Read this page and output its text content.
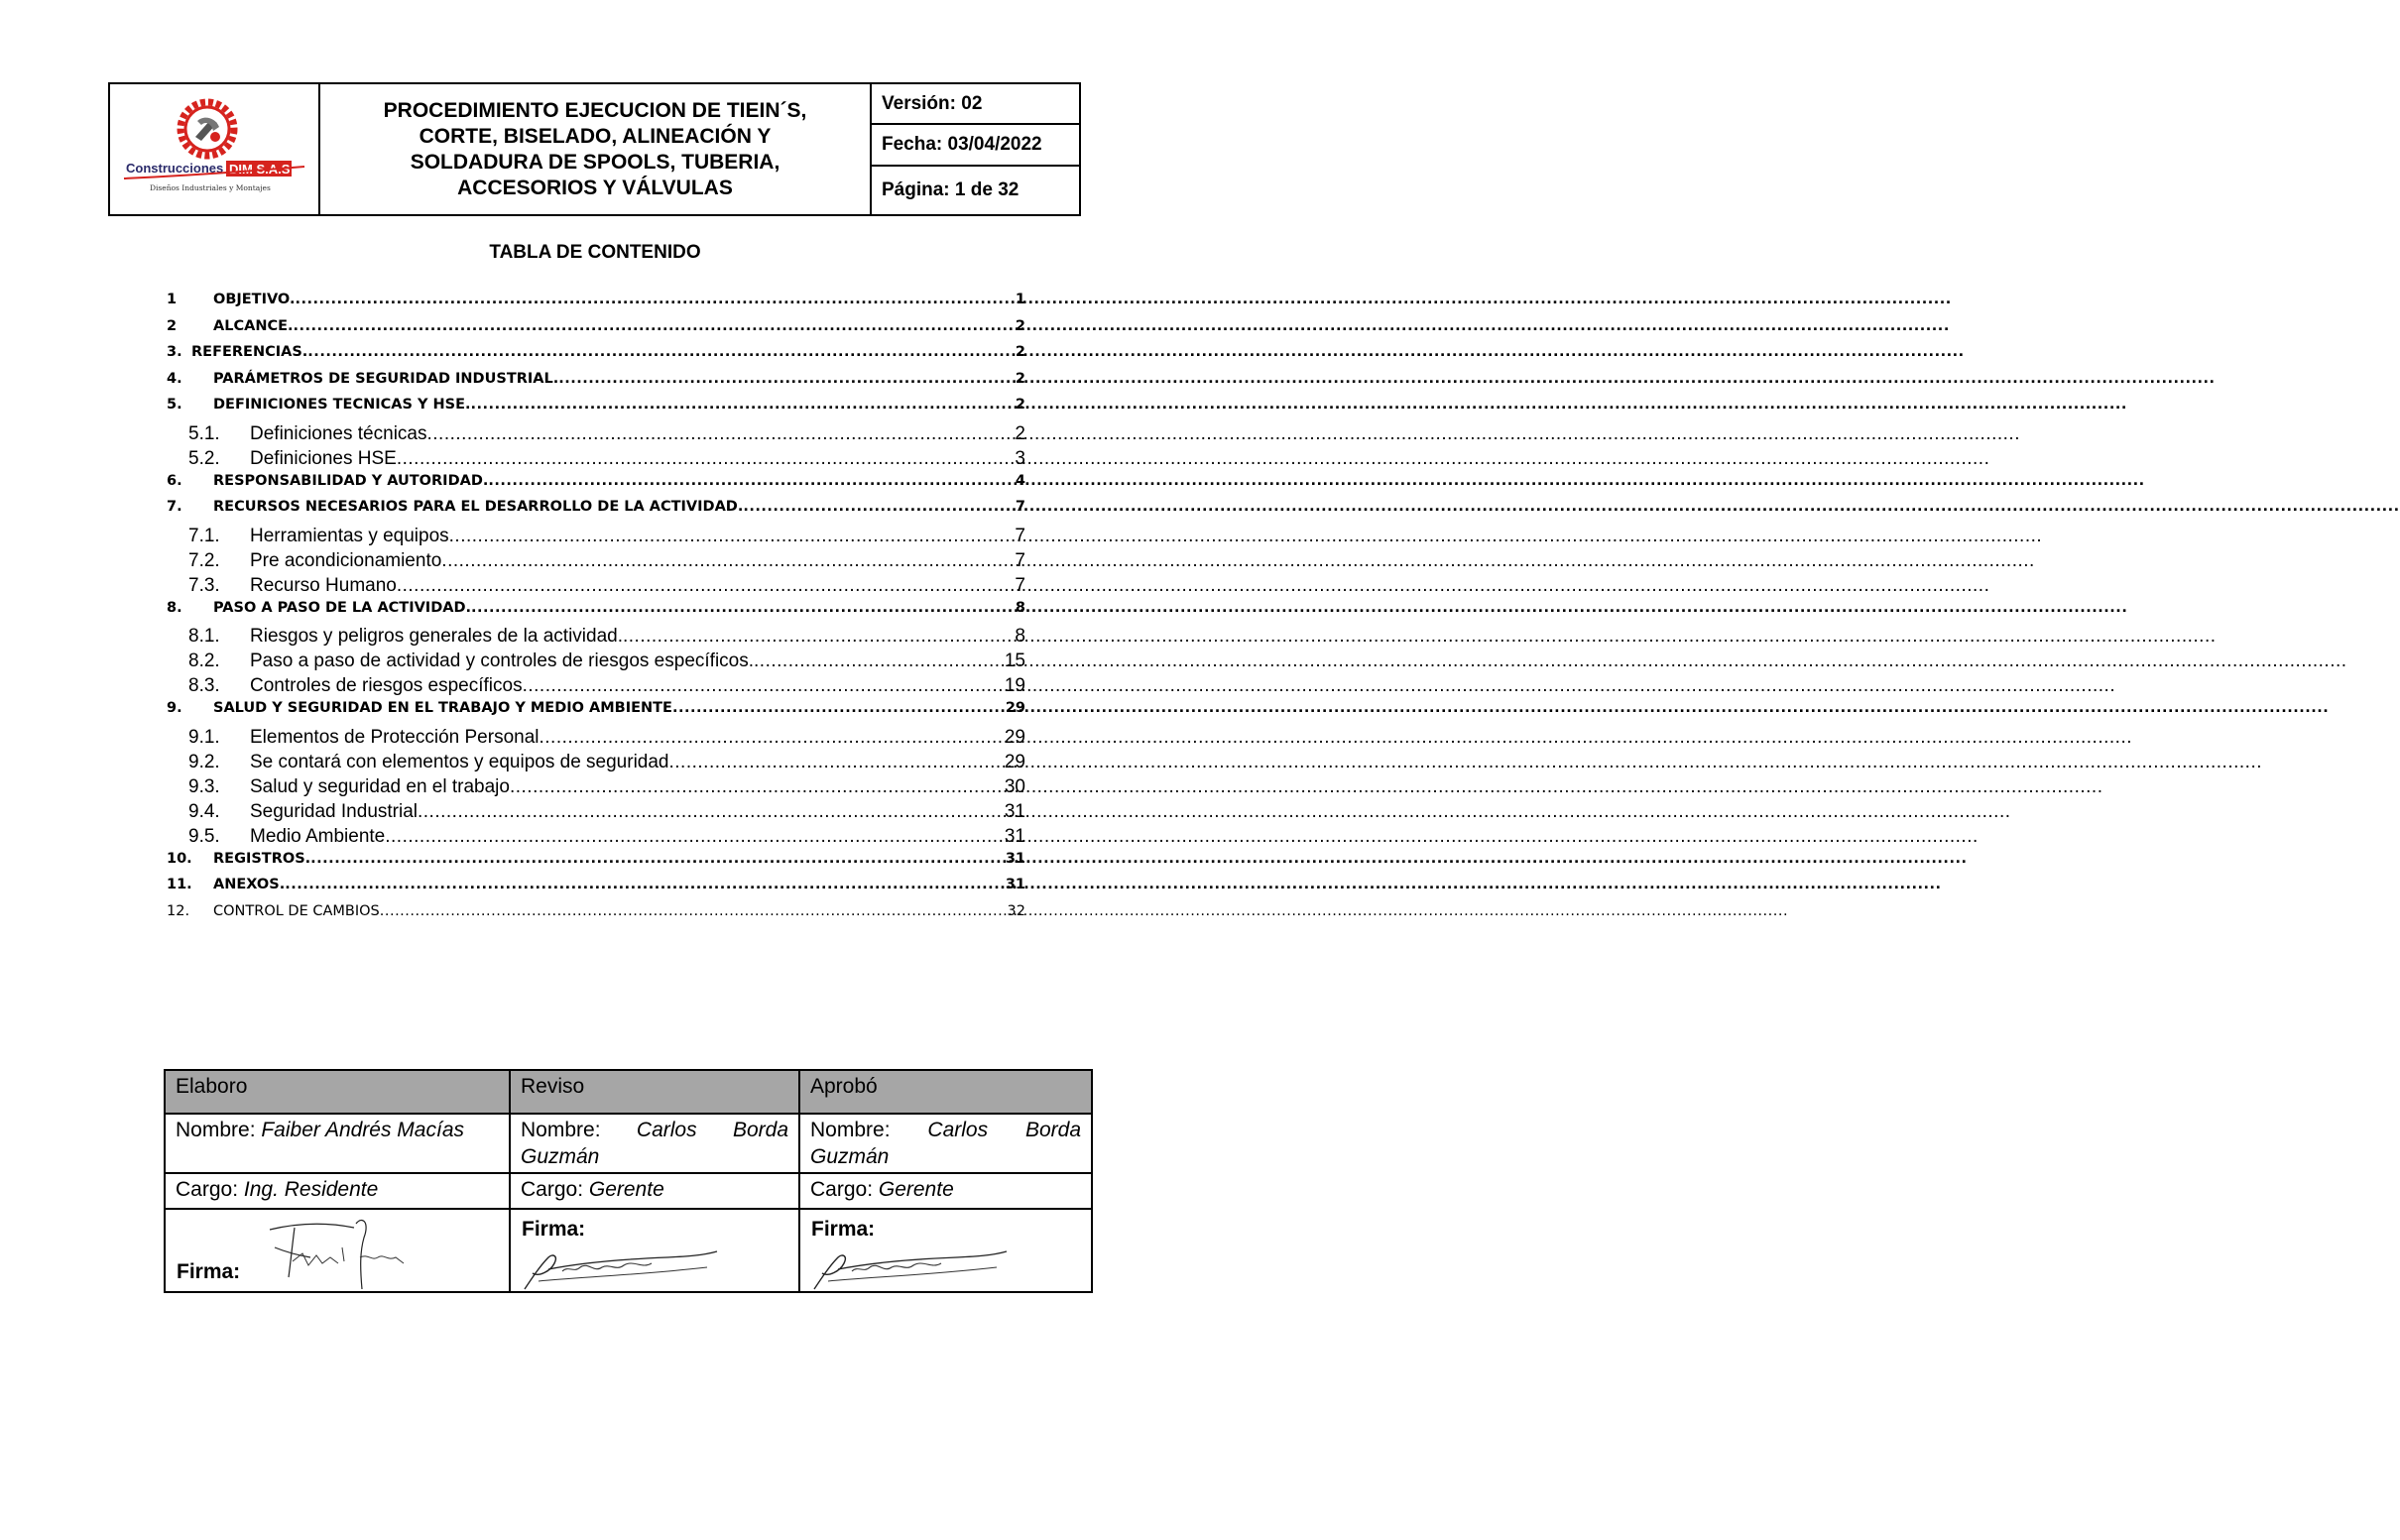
Construcciones DIM S.A.S
Diseños Industriales y Montajes
PROCEDIMIENTO EJECUCION DE TIEIN´S,
CORTE, BISELADO, ALINEACIÓN Y
SOLDADURA DE SPOOLS, TUBERIA,
ACCESORIOS Y VÁLVULAS
Versión: 02
Fecha: 03/04/2022
Página: 1 de 32
TABLA DE CONTENIDO
1	OBJETIVO. .....	1
2	ALCANCE. .....	2
3. REFERENCIAS. .....	2
4.	PARÁMETROS DE SEGURIDAD INDUSTRIAL. .....	2
5.	DEFINICIONES TECNICAS Y HSE. .....	2
5.1.	Definiciones técnicas .....	2
5.2.	Definiciones HSE .....	3
6.	RESPONSABILIDAD Y AUTORIDAD. .....	4
7.	RECURSOS NECESARIOS PARA EL DESARROLLO DE LA ACTIVIDAD. .....	7
7.1.	Herramientas y equipos .....	7
7.2.	Pre acondicionamiento .....	7
7.3.	Recurso Humano .....	7
8.	PASO A PASO DE LA ACTIVIDAD. .....	8
8.1.	Riesgos y peligros generales de la actividad. .....	8
8.2.	Paso a paso de actividad y controles de riesgos específicos. .....	15
8.3.	Controles de riesgos específicos .....	19
9.	SALUD Y SEGURIDAD EN EL TRABAJO Y MEDIO AMBIENTE .....	29
9.1.	Elementos de Protección Personal .....	29
9.2.	Se contará con elementos y equipos de seguridad .....	29
9.3.	Salud y seguridad en el trabajo .....	30
9.4.	Seguridad Industrial .....	31
9.5.	Medio Ambiente .....	31
10.	REGISTROS. .....	31
11.	ANEXOS. .....	31
12.	CONTROL DE CAMBIOS .....	32
Elaboro	Reviso	Aprobó
Nombre: Faiber Andrés Macías	Nombre: Carlos Borda Guzmán	Nombre: Carlos Borda Guzmán
Cargo: Ing. Residente	Cargo: Gerente	Cargo: Gerente

Firma:	Firma:	Firma:
